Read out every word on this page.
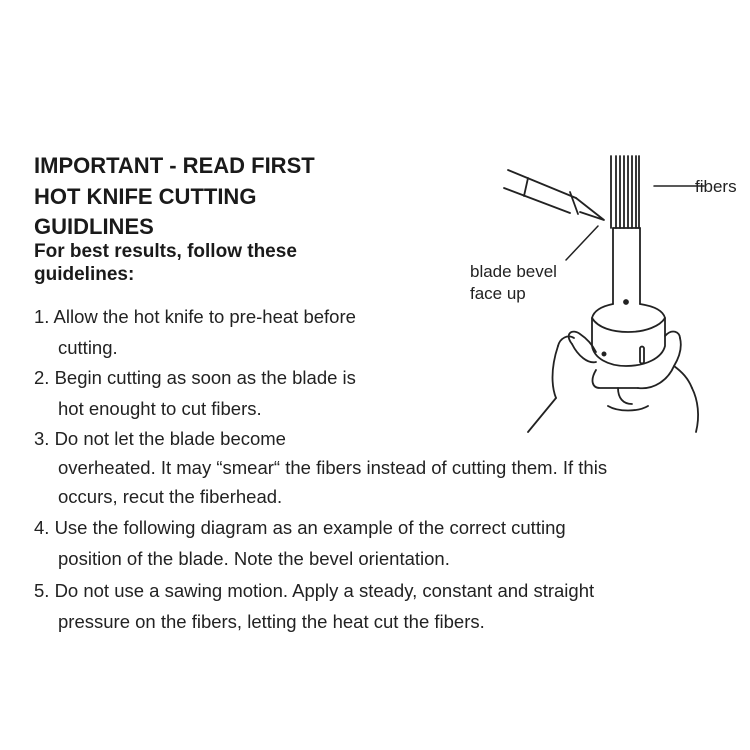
IMPORTANT - READ FIRST
HOT KNIFE CUTTING
GUIDLINES
For best results, follow these
guidelines:
1. Allow the hot knife to pre-heat before
cutting.
2. Begin cutting as soon as the blade is
hot enought to cut fibers.
3. Do not let the blade become
overheated. It may “smear“ the fibers instead of cutting them. If this
occurs, recut the fiberhead.
4. Use the following diagram as an example of the correct cutting
position of the blade. Note the bevel orientation.
5. Do not use a sawing motion. Apply a steady, constant and straight
pressure on the fibers, letting the heat cut the fibers.
fibers
blade bevel
face up
